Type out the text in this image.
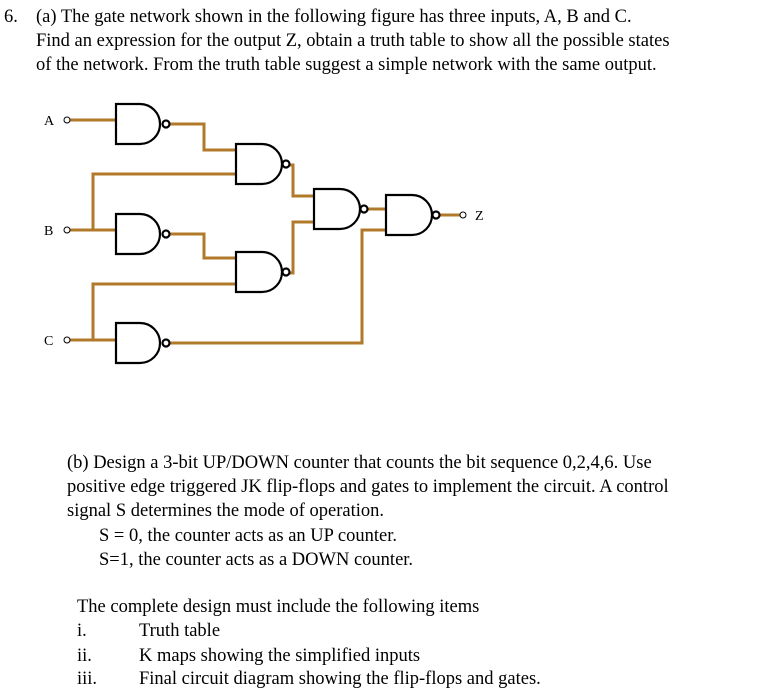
6. (a) The gate network shown in the following figure has three inputs, A, B and C.
Find an expression for the output Z, obtain a truth table to show all the possible states
of the network. From the truth table suggest a simple network with the same output.
A
B
C
Z
(b) Design a 3-bit UP/DOWN counter that counts the bit sequence 0,2,4,6. Use
positive edge triggered JK flip-flops and gates to implement the circuit. A control
signal S determines the mode of operation.
S = 0, the counter acts as an UP counter.
S=1, the counter acts as a DOWN counter.
The complete design must include the following items
i.	Truth table
ii.	K maps showing the simplified inputs
iii. Final circuit diagram showing the flip-flops and gates.
